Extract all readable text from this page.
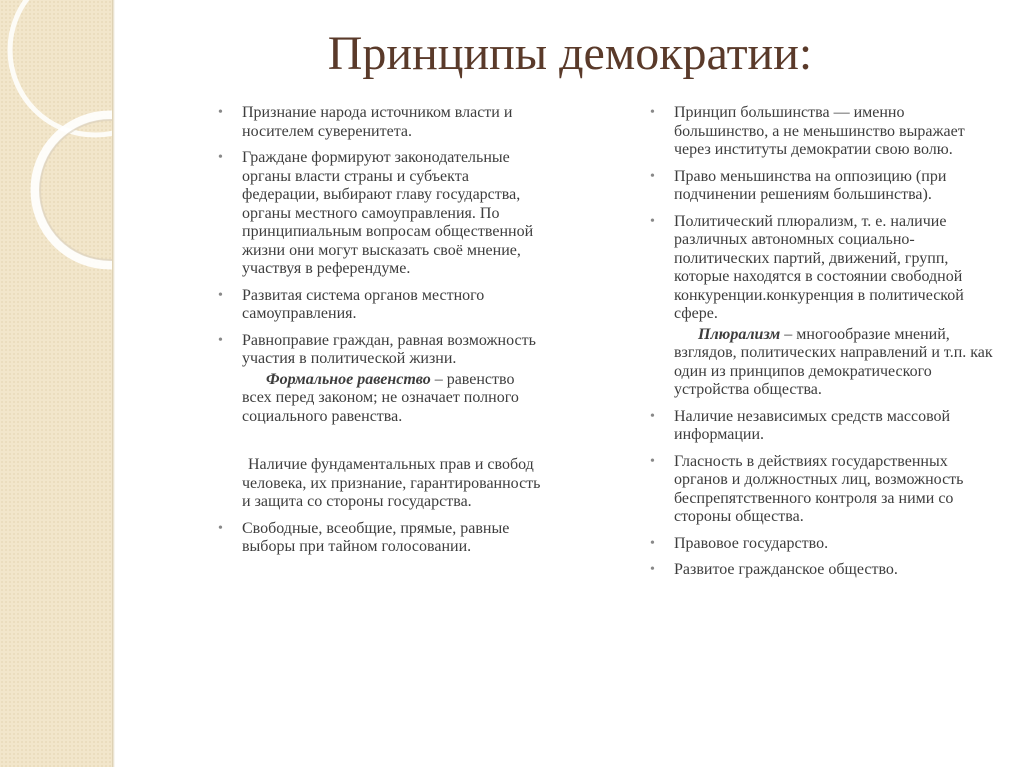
Принципы демократии:
• Признание народа источником власти и носителем суверенитета.
• Граждане формируют законодательные органы власти страны и субъекта федерации, выбирают главу государства, органы местного самоуправления. По принципиальным вопросам общественной жизни они могут высказать своё мнение, участвуя в референдуме.
• Развитая система органов местного самоуправления.
• Равноправие граждан, равная возможность участия в политической жизни.
Формальное равенство – равенство всех перед законом; не означает полного социального равенства.
Наличие фундаментальных прав и свобод человека, их признание, гарантированность и защита со стороны государства.
• Свободные, всеобщие, прямые, равные выборы при тайном голосовании.
• Принцип большинства — именно большинство, а не меньшинство выражает через институты демократии свою волю.
• Право меньшинства на оппозицию (при подчинении решениям большинства).
• Политический плюрализм, т. е. наличие различных автономных социально-политических партий, движений, групп, которые находятся в состоянии свободной конкуренции.конкуренция в политической сфере.
Плюрализм – многообразие мнений, взглядов, политических направлений и т.п. как один из принципов демократического устройства общества.
• Наличие независимых средств массовой информации.
• Гласность в действиях государственных органов и должностных лиц, возможность беспрепятственного контроля за ними со стороны общества.
• Правовое государство.
• Развитое гражданское общество.
